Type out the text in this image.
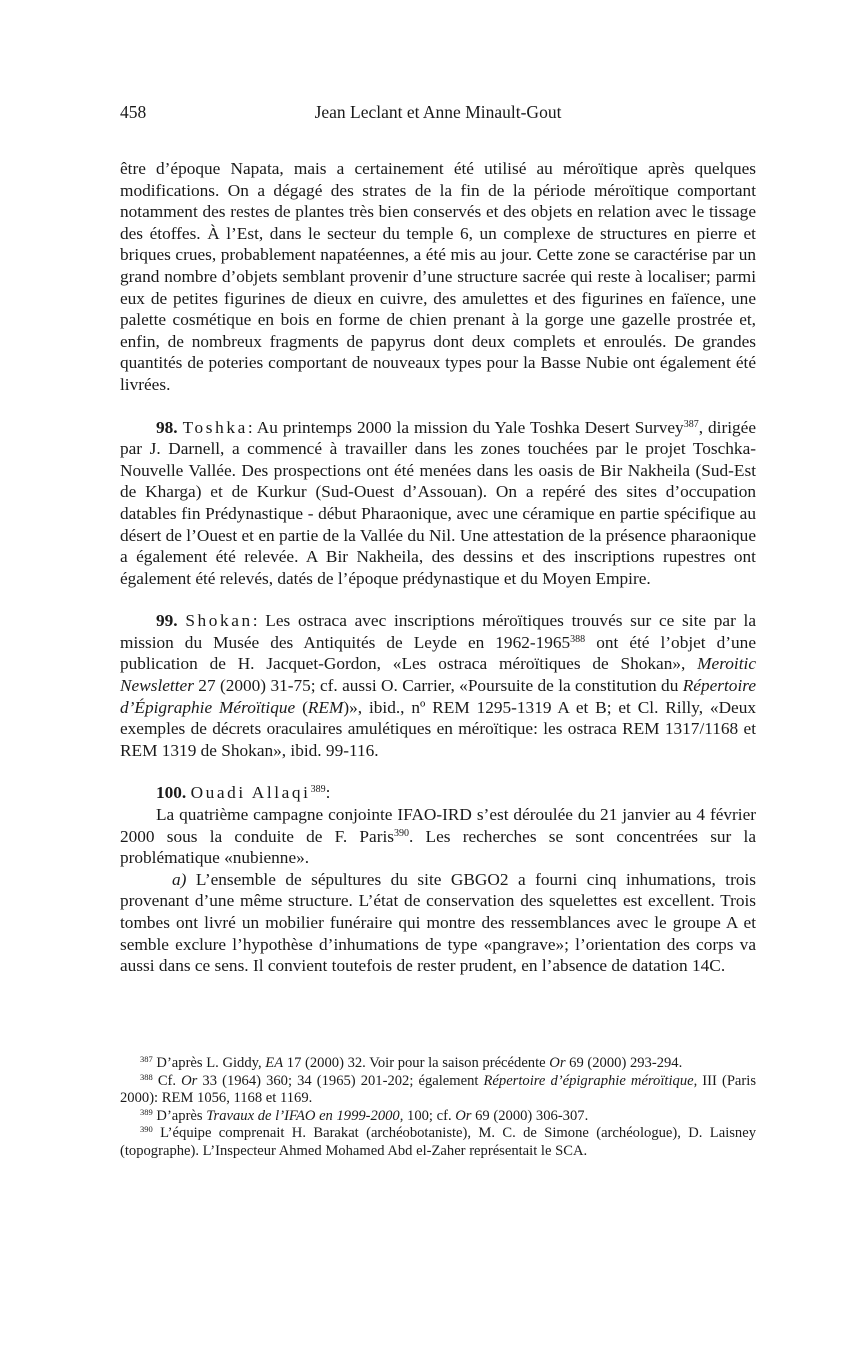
458	Jean Leclant et Anne Minault-Gout

être d’époque Napata, mais a certainement été utilisé au méroïtique après quelques modifications. On a dégagé des strates de la fin de la période méroïtique comportant notamment des restes de plantes très bien conservés et des objets en relation avec le tissage des étoffes. À l’Est, dans le secteur du temple 6, un complexe de structures en pierre et briques crues, probablement napatéennes, a été mis au jour. Cette zone se caractérise par un grand nombre d’objets semblant provenir d’une structure sacrée qui reste à localiser; parmi eux de petites figurines de dieux en cuivre, des amulettes et des figurines en faïence, une palette cosmétique en bois en forme de chien prenant à la gorge une gazelle prostrée et, enfin, de nombreux fragments de papyrus dont deux complets et enroulés. De grandes quantités de poteries comportant de nouveaux types pour la Basse Nubie ont également été livrées.

98. Toshka: Au printemps 2000 la mission du Yale Toshka Desert Survey$^{387}$, dirigée par J. Darnell, a commencé à travailler dans les zones touchées par le projet Toschka-Nouvelle Vallée. Des prospections ont été menées dans les oasis de Bir Nakheila (Sud-Est de Kharga) et de Kurkur (Sud-Ouest d’Assouan). On a repéré des sites d’occupation datables fin Prédynastique - début Pharaonique, avec une céramique en partie spécifique au désert de l’Ouest et en partie de la Vallée du Nil. Une attestation de la présence pharaonique a également été relevée. A Bir Nakheila, des dessins et des inscriptions rupestres ont également été relevés, datés de l’époque prédynastique et du Moyen Empire.

99. Shokan: Les ostraca avec inscriptions méroïtiques trouvés sur ce site par la mission du Musée des Antiquités de Leyde en 1962-1965$^{388}$ ont été l’objet d’une publication de H. Jacquet-Gordon, «Les ostraca méroïtiques de Shokan», Meroitic Newsletter 27 (2000) 31-75; cf. aussi O. Carrier, «Poursuite de la constitution du Répertoire d’Épigraphie Méroïtique (REM)», ibid., nº REM 1295-1319 A et B; et Cl. Rilly, «Deux exemples de décrets oraculaires amulétiques en méroïtique: les ostraca REM 1317/1168 et REM 1319 de Shokan», ibid. 99-116.

100. Ouadi Allaqi$^{389}$:

La quatrième campagne conjointe IFAO-IRD s’est déroulée du 21 janvier au 4 février 2000 sous la conduite de F. Paris$^{390}$. Les recherches se sont concentrées sur la problématique «nubienne».

a) L’ensemble de sépultures du site GBGO2 a fourni cinq inhumations, trois provenant d’une même structure. L’état de conservation des squelettes est excellent. Trois tombes ont livré un mobilier funéraire qui montre des ressemblances avec le groupe A et semble exclure l’hypothèse d’inhumations de type «pangrave»; l’orientation des corps va aussi dans ce sens. Il convient toutefois de rester prudent, en l’absence de datation 14C.

$^{387}$ D’après L. Giddy, EA 17 (2000) 32. Voir pour la saison précédente Or 69 (2000) 293-294.

$^{388}$ Cf. Or 33 (1964) 360; 34 (1965) 201-202; également Répertoire d’épigraphie méroïtique, III (Paris 2000): REM 1056, 1168 et 1169.

$^{389}$ D’après Travaux de l’IFAO en 1999-2000, 100; cf. Or 69 (2000) 306-307.

$^{390}$ L’équipe comprenait H. Barakat (archéobotaniste), M. C. de Simone (archéologue), D. Laisney (topographe). L’Inspecteur Ahmed Mohamed Abd el-Zaher représentait le SCA.
